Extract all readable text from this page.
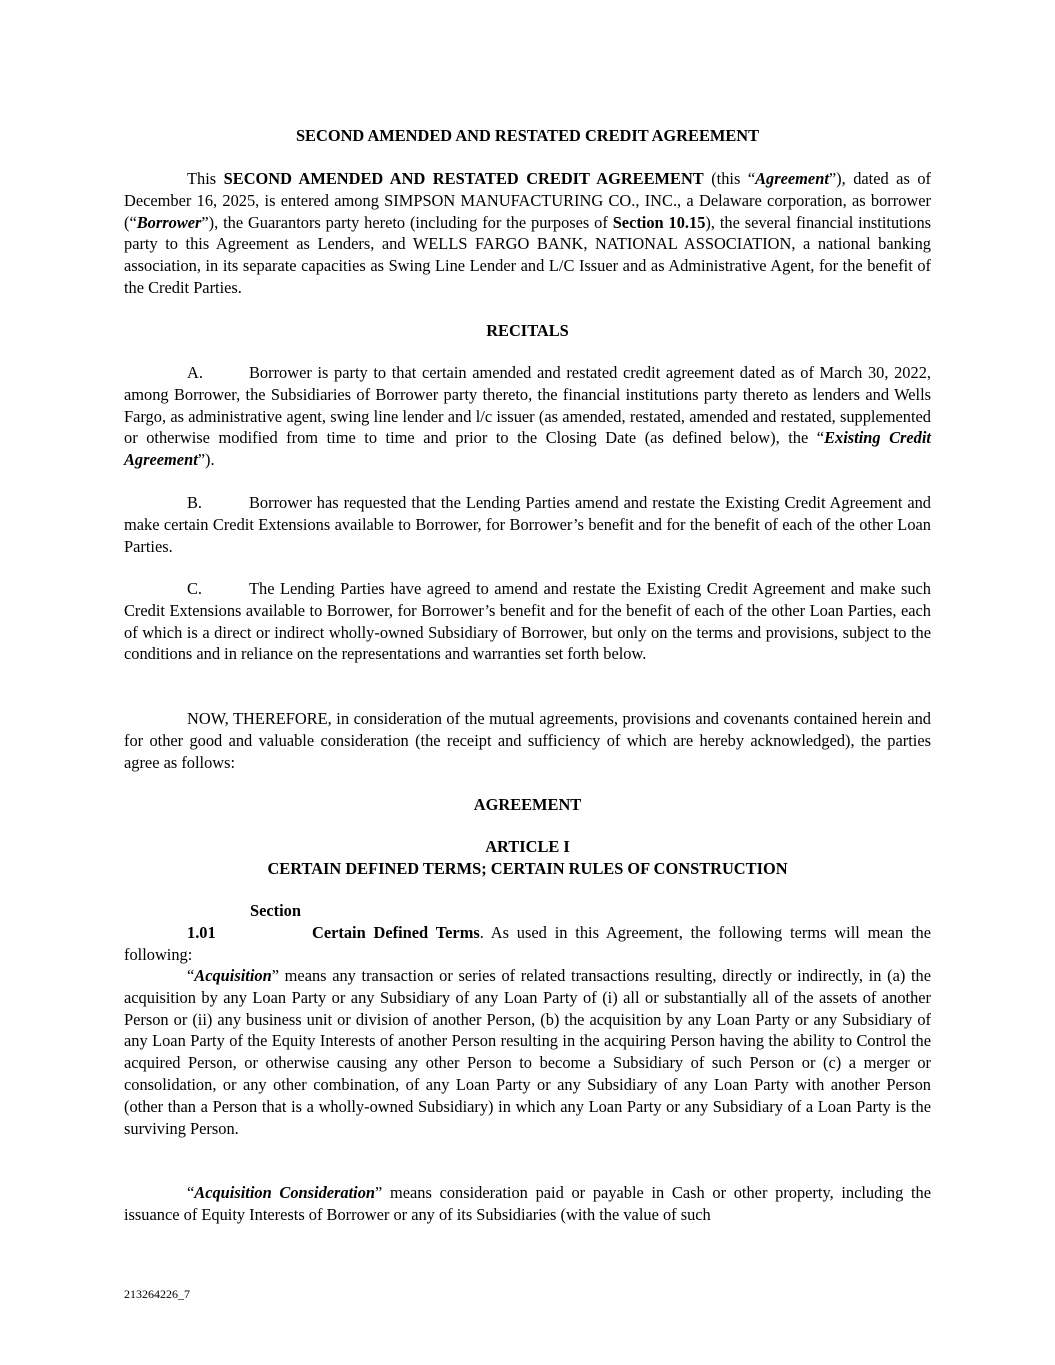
SECOND AMENDED AND RESTATED CREDIT AGREEMENT

This SECOND AMENDED AND RESTATED CREDIT AGREEMENT (this “Agreement”), dated as of December 16, 2025, is entered among SIMPSON MANUFACTURING CO., INC., a Delaware corporation, as borrower (“Borrower”), the Guarantors party hereto (including for the purposes of Section 10.15), the several financial institutions party to this Agreement as Lenders, and WELLS FARGO BANK, NATIONAL ASSOCIATION, a national banking association, in its separate capacities as Swing Line Lender and L/C Issuer and as Administrative Agent, for the benefit of the Credit Parties.

RECITALS

A.	Borrower is party to that certain amended and restated credit agreement dated as of March 30, 2022, among Borrower, the Subsidiaries of Borrower party thereto, the financial institutions party thereto as lenders and Wells Fargo, as administrative agent, swing line lender and l/c issuer (as amended, restated, amended and restated, supplemented or otherwise modified from time to time and prior to the Closing Date (as defined below), the “Existing Credit Agreement”).

B.	Borrower has requested that the Lending Parties amend and restate the Existing Credit Agreement and make certain Credit Extensions available to Borrower, for Borrower’s benefit and for the benefit of each of the other Loan Parties.

C.	The Lending Parties have agreed to amend and restate the Existing Credit Agreement and make such Credit Extensions available to Borrower, for Borrower’s benefit and for the benefit of each of the other Loan Parties, each of which is a direct or indirect wholly-owned Subsidiary of Borrower, but only on the terms and provisions, subject to the conditions and in reliance on the representations and warranties set forth below.

NOW, THEREFORE, in consideration of the mutual agreements, provisions and covenants contained herein and for other good and valuable consideration (the receipt and sufficiency of which are hereby acknowledged), the parties agree as follows:

AGREEMENT
ARTICLE I
CERTAIN DEFINED TERMS; CERTAIN RULES OF CONSTRUCTION

Section 1.01	Certain Defined Terms. As used in this Agreement, the following terms will mean the following:

“Acquisition” means any transaction or series of related transactions resulting, directly or indirectly, in (a) the acquisition by any Loan Party or any Subsidiary of any Loan Party of (i) all or substantially all of the assets of another Person or (ii) any business unit or division of another Person, (b) the acquisition by any Loan Party or any Subsidiary of any Loan Party of the Equity Interests of another Person resulting in the acquiring Person having the ability to Control the acquired Person, or otherwise causing any other Person to become a Subsidiary of such Person or (c) a merger or consolidation, or any other combination, of any Loan Party or any Subsidiary of any Loan Party with another Person (other than a Person that is a wholly-owned Subsidiary) in which any Loan Party or any Subsidiary of a Loan Party is the surviving Person.

“Acquisition Consideration” means consideration paid or payable in Cash or other property, including the issuance of Equity Interests of Borrower or any of its Subsidiaries (with the value of such

213264226_7
